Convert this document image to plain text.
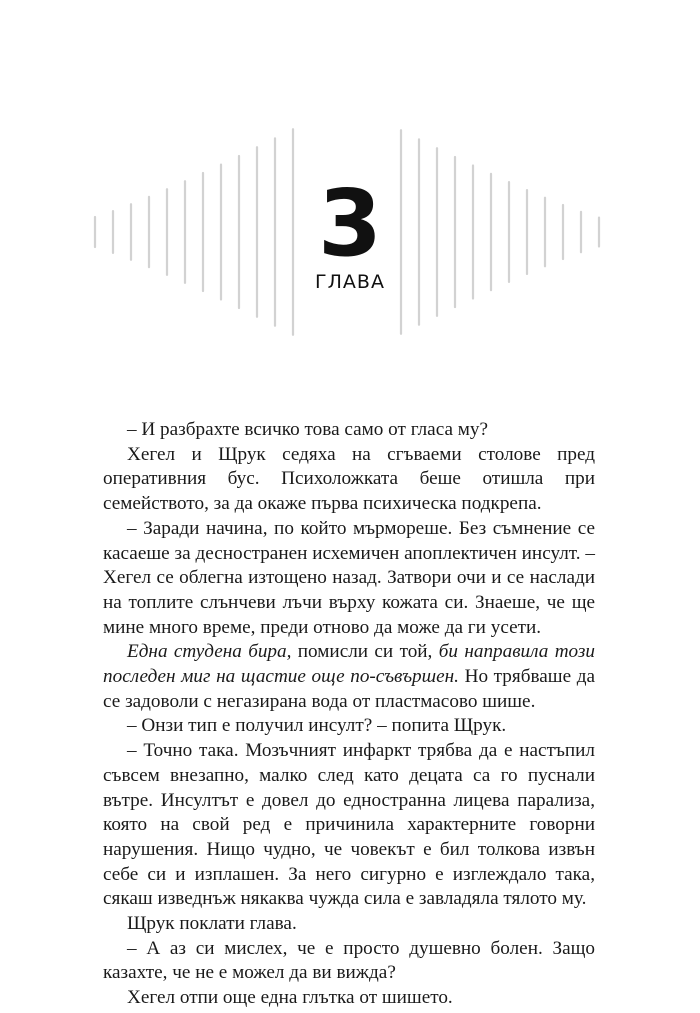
3
ГЛАВА

– И разбрахте всичко това само от гласа му?

Хегел и Щрук седяха на сгъваеми столове пред оперативния бус. Психоложката беше отишла при семейството, за да окаже първа психическа подкрепа.

– Заради начина, по който мърмореше. Без съмнение се касаеше за десностранен исхемичен апоплектичен инсулт. – Хегел се облегна изтощено назад. Затвори очи и се наслади на топлите слънчеви лъчи върху кожата си. Знаеше, че ще мине много време, преди отново да може да ги усети.

Една студена бира, помисли си той, би направила този последен миг на щастие още по-съвършен. Но трябваше да се задоволи с негазирана вода от пластмасово шише.

– Онзи тип е получил инсулт? – попита Щрук.

– Точно така. Мозъчният инфаркт трябва да е настъпил съвсем внезапно, малко след като децата са го пуснали вътре. Инсултът е довел до едностранна лицева парализа, която на свой ред е причинила характерните говорни нарушения. Нищо чудно, че човекът е бил толкова извън себе си и изплашен. За него сигурно е изглеждало така, сякаш изведнъж някаква чужда сила е завладяла тялото му.

Щрук поклати глава.

– А аз си мислех, че е просто душевно болен. Защо казахте, че не е можел да ви вижда?

Хегел отпи още една глътка от шишето.
